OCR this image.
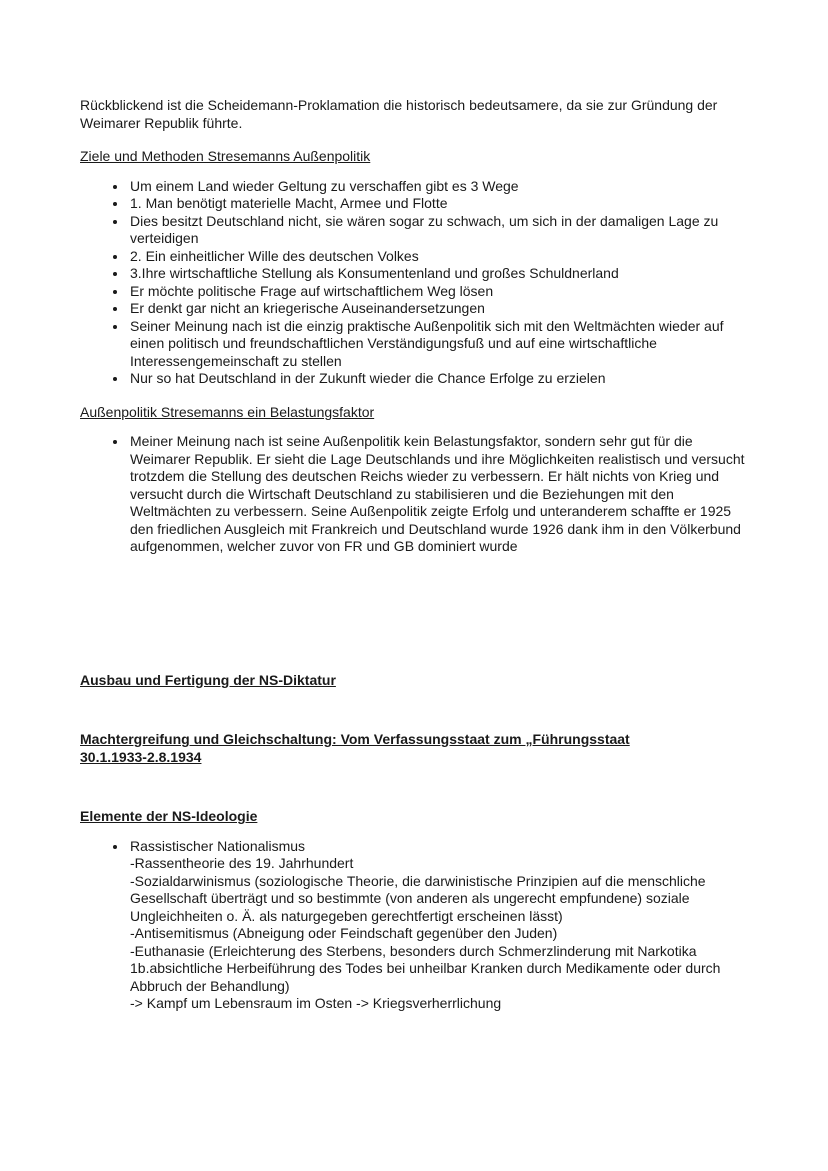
Rückblickend ist die Scheidemann-Proklamation die historisch bedeutsamere, da sie zur Gründung der Weimarer Republik führte.

Ziele und Methoden Stresemanns Außenpolitik
• Um einem Land wieder Geltung zu verschaffen gibt es 3 Wege
• 1. Man benötigt materielle Macht, Armee und Flotte
• Dies besitzt Deutschland nicht, sie wären sogar zu schwach, um sich in der damaligen Lage zu verteidigen
• 2. Ein einheitlicher Wille des deutschen Volkes
• 3.Ihre wirtschaftliche Stellung als Konsumentenland und großes Schuldnerland
• Er möchte politische Frage auf wirtschaftlichem Weg lösen
• Er denkt gar nicht an kriegerische Auseinandersetzungen
• Seiner Meinung nach ist die einzig praktische Außenpolitik sich mit den Weltmächten wieder auf einen politisch und freundschaftlichen Verständigungsfuß und auf eine wirtschaftliche Interessengemeinschaft zu stellen
• Nur so hat Deutschland in der Zukunft wieder die Chance Erfolge zu erzielen
Außenpolitik Stresemanns ein Belastungsfaktor
• Meiner Meinung nach ist seine Außenpolitik kein Belastungsfaktor, sondern sehr gut für die Weimarer Republik. Er sieht die Lage Deutschlands und ihre Möglichkeiten realistisch und versucht trotzdem die Stellung des deutschen Reichs wieder zu verbessern. Er hält nichts von Krieg und versucht durch die Wirtschaft Deutschland zu stabilisieren und die Beziehungen mit den Weltmächten zu verbessern. Seine Außenpolitik zeigte Erfolg und unteranderem schaffte er 1925 den friedlichen Ausgleich mit Frankreich und Deutschland wurde 1926 dank ihm in den Völkerbund aufgenommen, welcher zuvor von FR und GB dominiert wurde
Ausbau und Fertigung der NS-Diktatur
Machtergreifung und Gleichschaltung: Vom Verfassungsstaat zum „Führungsstaat
30.1.1933-2.8.1934
Elemente der NS-Ideologie
• Rassistischer Nationalismus
-Rassentheorie des 19. Jahrhundert
-Sozialdarwinismus (soziologische Theorie, die darwinistische Prinzipien auf die menschliche Gesellschaft überträgt und so bestimmte (von anderen als ungerecht empfundene) soziale Ungleichheiten o. Ä. als naturgegeben gerechtfertigt erscheinen lässt)
-Antisemitismus (Abneigung oder Feindschaft gegenüber den Juden)
-Euthanasie (Erleichterung des Sterbens, besonders durch Schmerzlinderung mit Narkotika 1b.absichtliche Herbeiführung des Todes bei unheilbar Kranken durch Medikamente oder durch Abbruch der Behandlung)
-> Kampf um Lebensraum im Osten -> Kriegsverherrlichung
